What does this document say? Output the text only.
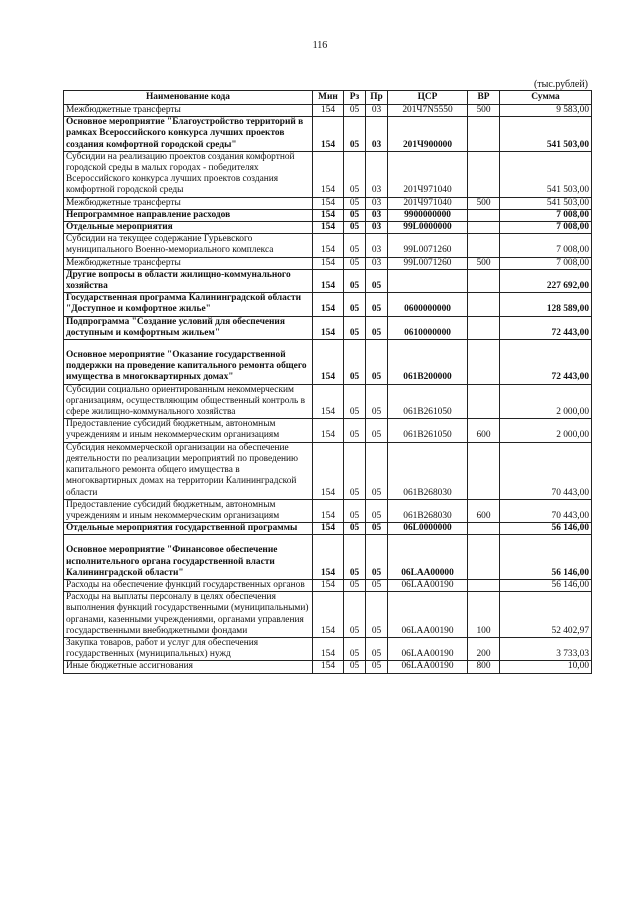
116
(тыс.рублей)
Наименование кода	Мин	Рз	Пр	ЦСР	ВР	Сумма
Межбюджетные трансферты	154	05	03	201Ч7N5550	500	9 583,00
Основное мероприятие "Благоустройство территорий в рамках Всероссийского конкурса лучших проектов создания комфортной городской среды"	154	05	03	201Ч900000		541 503,00
Субсидии на реализацию проектов создания комфортной городской среды в малых городах - победителях Всероссийского конкурса лучших проектов создания комфортной городской среды	154	05	03	201Ч971040		541 503,00
Межбюджетные трансферты	154	05	03	201Ч971040	500	541 503,00
Непрограммное направление расходов	154	05	03	9900000000		7 008,00
Отдельные мероприятия	154	05	03	99L0000000		7 008,00
Субсидии на текущее содержание Гурьевского муниципального Военно-мемориального комплекса	154	05	03	99L0071260		7 008,00
Межбюджетные трансферты	154	05	03	99L0071260	500	7 008,00
Другие вопросы в области жилищно-коммунального хозяйства	154	05	05			227 692,00
Государственная программа Калининградской области "Доступное и комфортное жилье"	154	05	05	0600000000		128 589,00
Подпрограмма "Создание условий для обеспечения доступным и комфортным жильем"	154	05	05	0610000000		72 443,00
Основное мероприятие "Оказание государственной поддержки на проведение капитального ремонта общего имущества в многоквартирных домах"	154	05	05	061В200000		72 443,00
Субсидии социально ориентированным некоммерческим организациям, осуществляющим общественный контроль в сфере жилищно-коммунального хозяйства	154	05	05	061В261050		2 000,00
Предоставление субсидий бюджетным, автономным учреждениям и иным некоммерческим организациям	154	05	05	061В261050	600	2 000,00
Субсидия некоммерческой организации на обеспечение деятельности по реализации мероприятий по проведению капитального ремонта общего имущества в многоквартирных домах на территории Калининградской области	154	05	05	061В268030		70 443,00
Предоставление субсидий бюджетным, автономным учреждениям и иным некоммерческим организациям	154	05	05	061В268030	600	70 443,00
Отдельные мероприятия государственной программы	154	05	05	06L0000000		56 146,00
Основное мероприятие "Финансовое обеспечение исполнительного органа государственной власти Калининградской области"	154	05	05	06LAA00000		56 146,00
Расходы на обеспечение функций государственных органов	154	05	05	06LAA00190		56 146,00
Расходы на выплаты персоналу в целях обеспечения выполнения функций государственными (муниципальными) органами, казенными учреждениями, органами управления государственными внебюджетными фондами	154	05	05	06LAA00190	100	52 402,97
Закупка товаров, работ и услуг для обеспечения государственных (муниципальных) нужд	154	05	05	06LAA00190	200	3 733,03
Иные бюджетные ассигнования	154	05	05	06LAA00190	800	10,00
